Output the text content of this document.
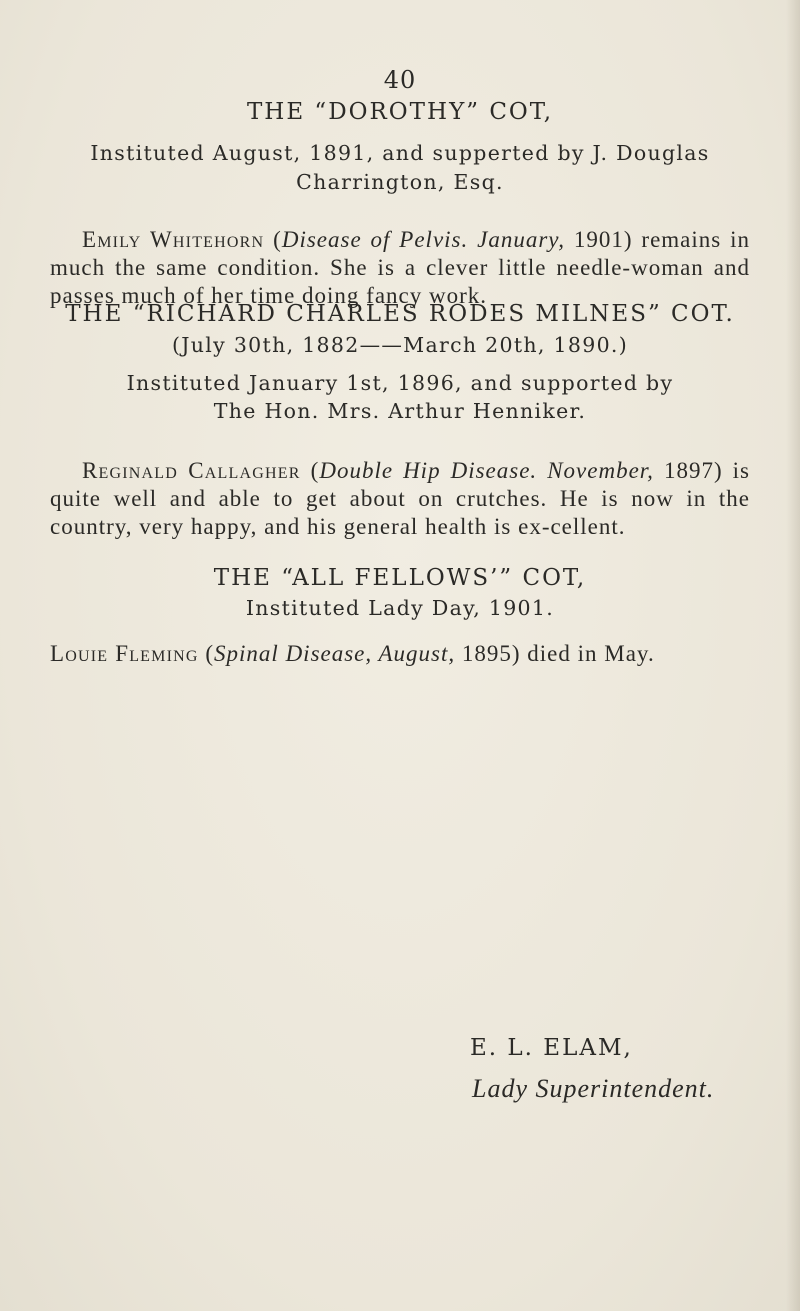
40
THE “DOROTHY” COT,
Instituted August, 1891, and supperted by J. Douglas
Charrington, Esq.
Emily Whitehorn (Disease of Pelvis. January, 1901) remains in much the same condition. She is a clever little needle-woman and passes much of her time doing fancy work.
THE “RICHARD CHARLES RODES MILNES” COT.
(July 30th, 1882——March 20th, 1890.)
Instituted January 1st, 1896, and supported by
The Hon. Mrs. Arthur Henniker.
Reginald Callagher (Double Hip Disease. November, 1897) is quite well and able to get about on crutches. He is now in the country, very happy, and his general health is ex-cellent.
THE “ALL FELLOWS’” COT,
Instituted Lady Day, 1901.
Louie Fleming (Spinal Disease, August, 1895) died in May.
E. L. ELAM,
Lady Superintendent.
